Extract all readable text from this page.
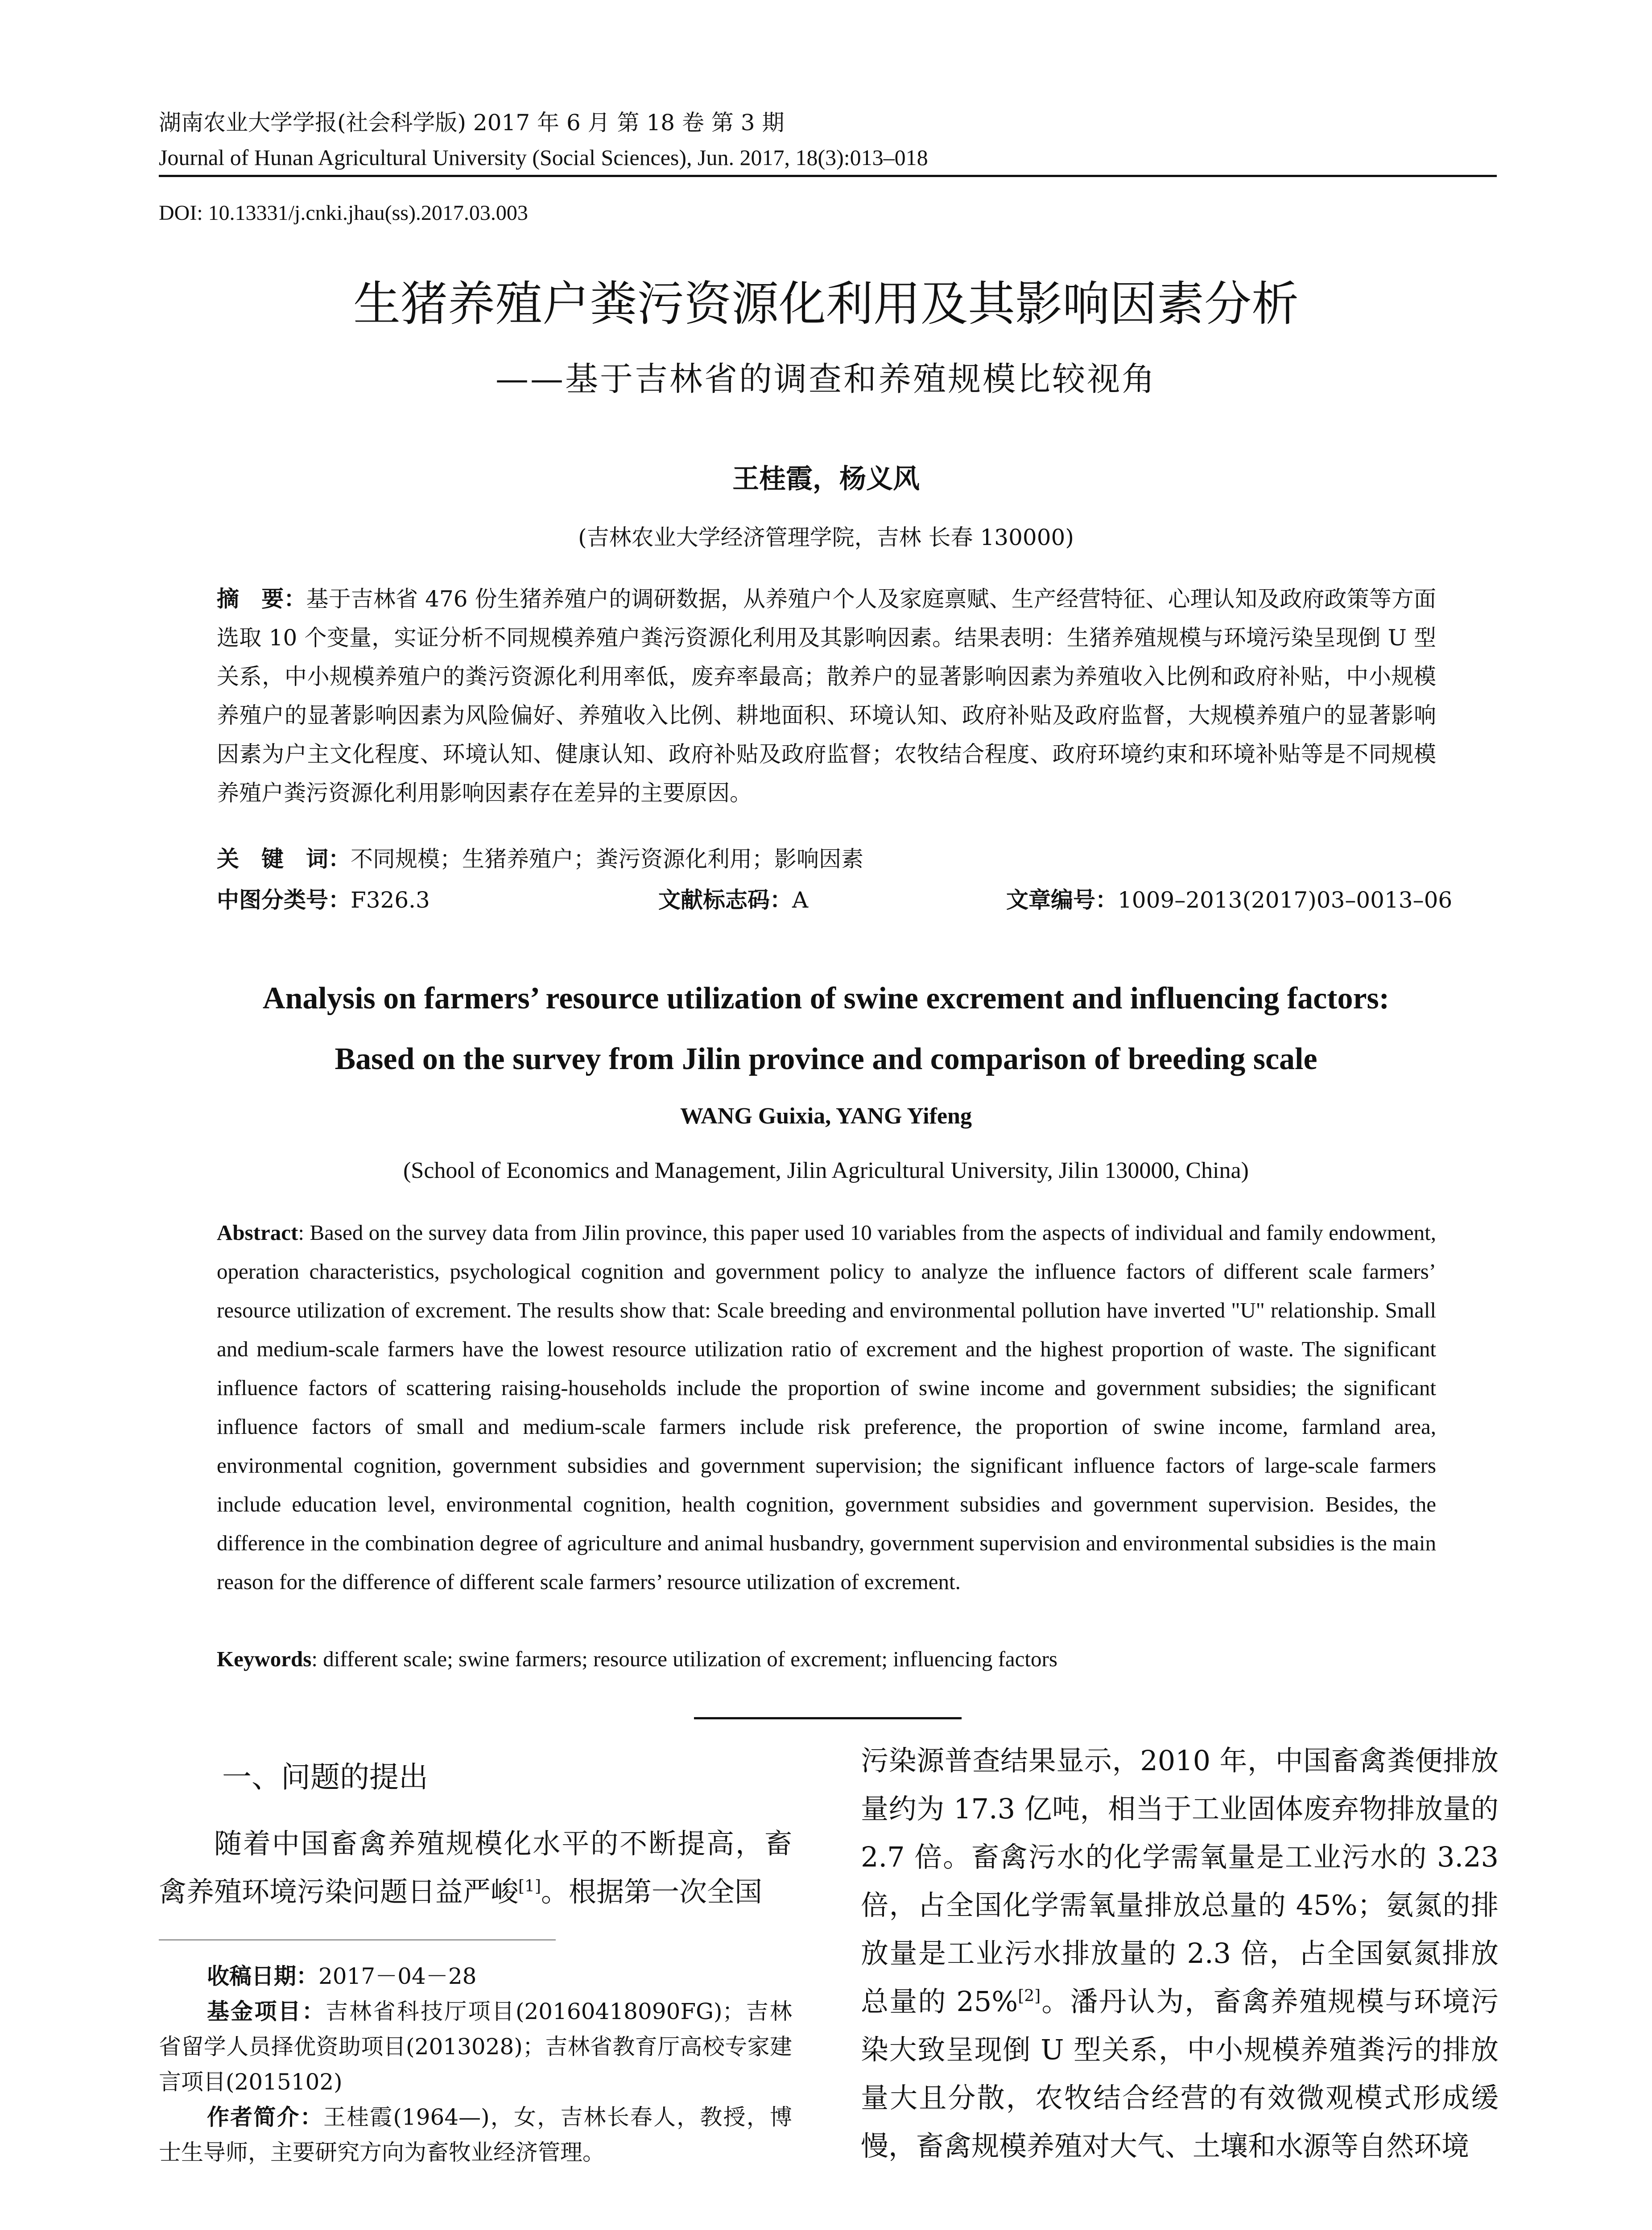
湖南农业大学学报(社会科学版) 2017 年 6 月 第 18 卷 第 3 期
Journal of Hunan Agricultural University (Social Sciences), Jun. 2017, 18(3):013–018
DOI: 10.13331/j.cnki.jhau(ss).2017.03.003
生猪养殖户粪污资源化利用及其影响因素分析
——基于吉林省的调查和养殖规模比较视角
王桂霞，杨义风
(吉林农业大学经济管理学院，吉林 长春 130000)
摘　要：基于吉林省 476 份生猪养殖户的调研数据，从养殖户个人及家庭禀赋、生产经营特征、心理认知及政府政策等方面选取 10 个变量，实证分析不同规模养殖户粪污资源化利用及其影响因素。结果表明：生猪养殖规模与环境污染呈现倒 U 型关系，中小规模养殖户的粪污资源化利用率低，废弃率最高；散养户的显著影响因素为养殖收入比例和政府补贴，中小规模养殖户的显著影响因素为风险偏好、养殖收入比例、耕地面积、环境认知、政府补贴及政府监督，大规模养殖户的显著影响因素为户主文化程度、环境认知、健康认知、政府补贴及政府监督；农牧结合程度、政府环境约束和环境补贴等是不同规模养殖户粪污资源化利用影响因素存在差异的主要原因。
关　键　词：不同规模；生猪养殖户；粪污资源化利用；影响因素
中图分类号：F326.3	文献标志码：A	文章编号：1009–2013(2017)03–0013–06
Analysis on farmers’ resource utilization of swine excrement and influencing factors:
Based on the survey from Jilin province and comparison of breeding scale
WANG Guixia, YANG Yifeng
(School of Economics and Management, Jilin Agricultural University, Jilin 130000, China)
Abstract: Based on the survey data from Jilin province, this paper used 10 variables from the aspects of individual and family endowment, operation characteristics, psychological cognition and government policy to analyze the influence factors of different scale farmers’ resource utilization of excrement. The results show that: Scale breeding and environmental pollution have inverted "U" relationship. Small and medium-scale farmers have the lowest resource utilization ratio of excrement and the highest proportion of waste. The significant influence factors of scattering raising-households include the proportion of swine income and government subsidies; the significant influence factors of small and medium-scale farmers include risk preference, the proportion of swine income, farmland area, environmental cognition, government subsidies and government supervision; the significant influence factors of large-scale farmers include education level, environmental cognition, health cognition, government subsidies and government supervision. Besides, the difference in the combination degree of agriculture and animal husbandry, government supervision and environmental subsidies is the main reason for the difference of different scale farmers’ resource utilization of excrement.
Keywords: different scale; swine farmers; resource utilization of excrement; influencing factors
一、问题的提出
随着中国畜禽养殖规模化水平的不断提高，畜禽养殖环境污染问题日益严峻[1]。根据第一次全国

收稿日期：2017－04－28

基金项目：吉林省科技厅项目(20160418090FG)；吉林省留学人员择优资助项目(2013028)；吉林省教育厅高校专家建言项目(2015102)

作者简介：王桂霞(1964—)，女，吉林长春人，教授，博士生导师，主要研究方向为畜牧业经济管理。

污染源普查结果显示，2010 年，中国畜禽粪便排放量约为 17.3 亿吨，相当于工业固体废弃物排放量的 2.7 倍。畜禽污水的化学需氧量是工业污水的 3.23 倍，占全国化学需氧量排放总量的 45%；氨氮的排放量是工业污水排放量的 2.3 倍，占全国氨氮排放总量的 25%[2]。潘丹认为，畜禽养殖规模与环境污染大致呈现倒 U 型关系，中小规模养殖粪污的排放量大且分散，农牧结合经营的有效微观模式形成缓慢，畜禽规模养殖对大气、土壤和水源等自然环境
